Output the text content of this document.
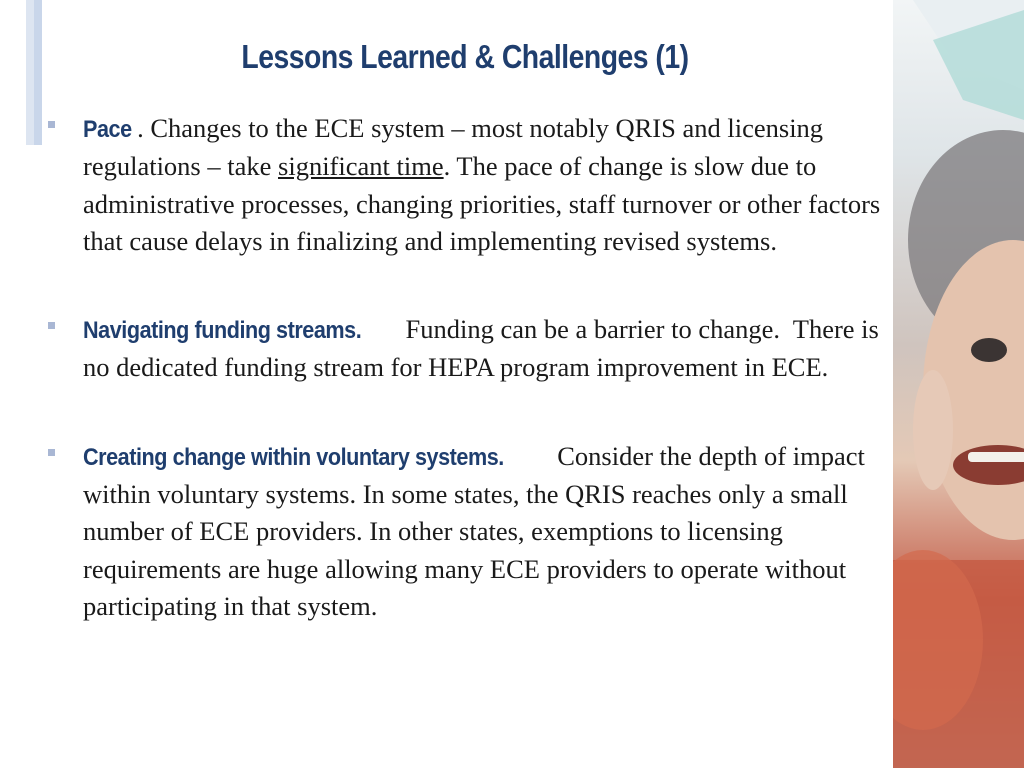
Lessons Learned & Challenges (1)
Pace . Changes to the ECE system – most notably QRIS and licensing regulations – take significant time. The pace of change is slow due to administrative processes, changing priorities, staff turnover or other factors that cause delays in finalizing and implementing revised systems.
Navigating funding streams.  Funding can be a barrier to change.  There is no dedicated funding stream for HEPA program improvement in ECE.
Creating change within voluntary systems. Consider the depth of impact within voluntary systems. In some states, the QRIS reaches only a small number of ECE providers. In other states, exemptions to licensing requirements are huge allowing many ECE providers to operate without participating in that system.
